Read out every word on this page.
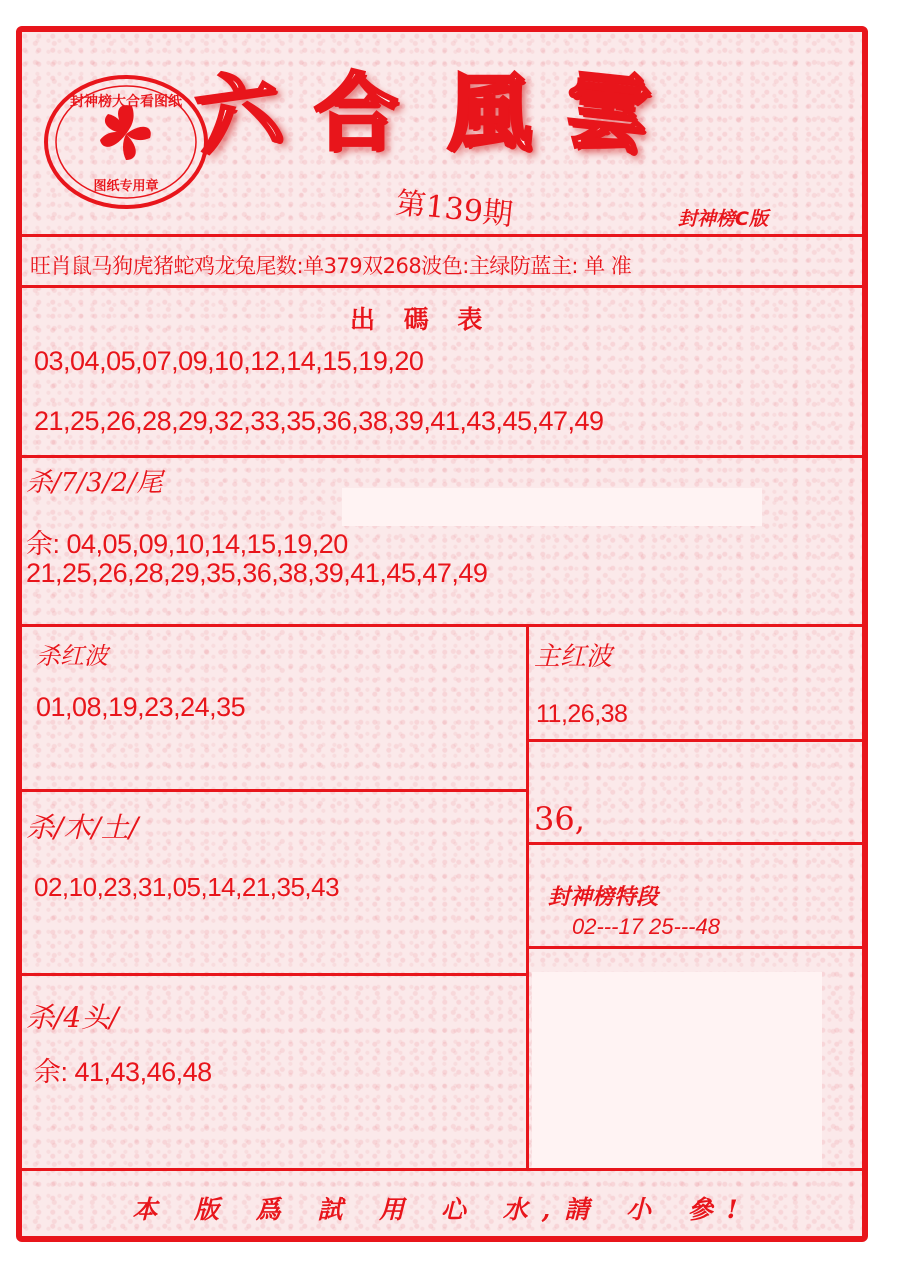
图纸专用章
封神榜大合看图纸 六 合 風 雲
第139期	封神榜C版
旺肖鼠马狗虎猪蛇鸡龙兔尾数:单379双268波色:主绿防蓝主: 单 准
出 碼 表
03,04,05,07,09,10,12,14,15,19,20
21,25,26,28,29,32,33,35,36,38,39,41,43,45,47,49
杀/7/3/2/尾
余: 04,05,09,10,14,15,19,20
21,25,26,28,29,35,36,38,39,41,45,47,49
杀红波
01,08,19,23,24,35
主红波
11,26,38
36,
杀/木/土/
02,10,23,31,05,14,21,35,43	封神榜特段
02---17 25---48
杀/4头/
余: 41,43,46,48
本 版 爲 試 用 心 水,請 小 參!
